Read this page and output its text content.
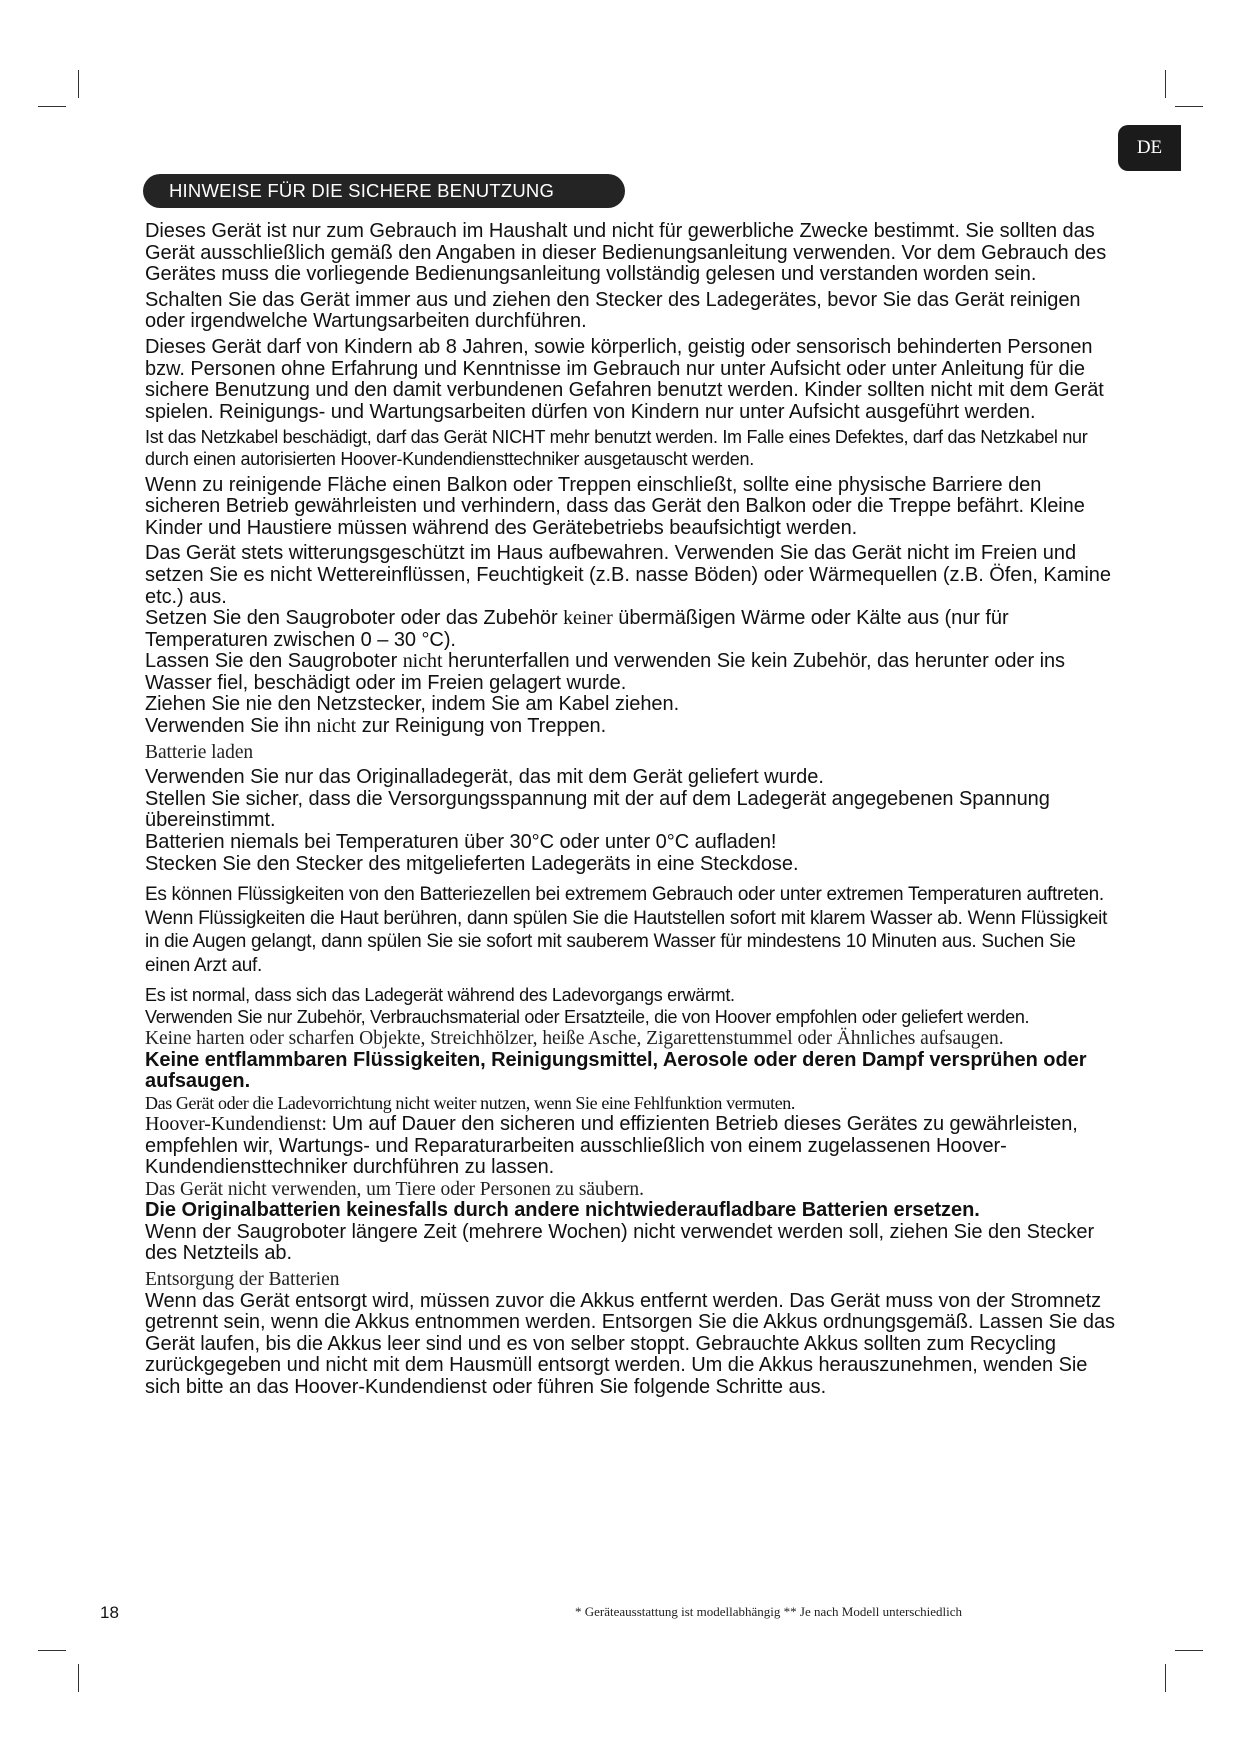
DE
HINWEISE FÜR DIE SICHERE BENUTZUNG

Dieses Gerät ist nur zum Gebrauch im Haushalt und nicht für gewerbliche Zwecke bestimmt. Sie sollten das Gerät ausschließlich gemäß den Angaben in dieser Bedienungsanleitung verwenden. Vor dem Gebrauch des Gerätes muss die vorliegende Bedienungsanleitung vollständig gelesen und verstanden worden sein.

Schalten Sie das Gerät immer aus und ziehen den Stecker des Ladegerätes, bevor Sie das Gerät reinigen oder irgendwelche Wartungsarbeiten durchführen.

Dieses Gerät darf von Kindern ab 8 Jahren, sowie körperlich, geistig oder sensorisch behinderten Personen bzw. Personen ohne Erfahrung und Kenntnisse im Gebrauch nur unter Aufsicht oder unter Anleitung für die sichere Benutzung und den damit verbundenen Gefahren benutzt werden. Kinder sollten nicht mit dem Gerät spielen. Reinigungs- und Wartungsarbeiten dürfen von Kindern nur unter Aufsicht ausgeführt werden.

Ist das Netzkabel beschädigt, darf das Gerät NICHT mehr benutzt werden. Im Falle eines Defektes, darf das Netzkabel nur durch einen autorisierten Hoover-Kundendiensttechniker ausgetauscht werden.

Wenn zu reinigende Fläche einen Balkon oder Treppen einschließt, sollte eine physische Barriere den sicheren Betrieb gewährleisten und verhindern, dass das Gerät den Balkon oder die Treppe befährt. Kleine Kinder und Haustiere müssen während des Gerätebetriebs beaufsichtigt werden.

Das Gerät stets witterungsgeschützt im Haus aufbewahren. Verwenden Sie das Gerät nicht im Freien und setzen Sie es nicht Wettereinflüssen, Feuchtigkeit (z.B. nasse Böden) oder Wärmequellen (z.B. Öfen, Kamine etc.) aus.

Setzen Sie den Saugroboter oder das Zubehör keiner übermäßigen Wärme oder Kälte aus (nur für Temperaturen zwischen 0 – 30 °C).

Lassen Sie den Saugroboter nicht herunterfallen und verwenden Sie kein Zubehör, das herunter oder ins Wasser fiel, beschädigt oder im Freien gelagert wurde.

Ziehen Sie nie den Netzstecker, indem Sie am Kabel ziehen.

Verwenden Sie ihn nicht zur Reinigung von Treppen.

Batterie laden

Verwenden Sie nur das Originalladegerät, das mit dem Gerät geliefert wurde.

Stellen Sie sicher, dass die Versorgungsspannung mit der auf dem Ladegerät angegebenen Spannung übereinstimmt.

Batterien niemals bei Temperaturen über 30°C oder unter 0°C aufladen!

Stecken Sie den Stecker des mitgelieferten Ladegeräts in eine Steckdose.

Es können Flüssigkeiten von den Batteriezellen bei extremem Gebrauch oder unter extremen Temperaturen auftreten. Wenn Flüssigkeiten die Haut berühren, dann spülen Sie die Hautstellen sofort mit klarem Wasser ab. Wenn Flüssigkeit in die Augen gelangt, dann spülen Sie sie sofort mit sauberem Wasser für mindestens 10 Minuten aus. Suchen Sie einen Arzt auf.

Es ist normal, dass sich das Ladegerät während des Ladevorgangs erwärmt.

Verwenden Sie nur Zubehör, Verbrauchsmaterial oder Ersatzteile, die von Hoover empfohlen oder geliefert werden.

Keine harten oder scharfen Objekte, Streichhölzer, heiße Asche, Zigarettenstummel oder Ähnliches aufsaugen.

Keine entflammbaren Flüssigkeiten, Reinigungsmittel, Aerosole oder deren Dampf versprühen oder aufsaugen.

Das Gerät oder die Ladevorrichtung nicht weiter nutzen, wenn Sie eine Fehlfunktion vermuten.

Hoover-Kundendienst: Um auf Dauer den sicheren und effizienten Betrieb dieses Gerätes zu gewährleisten, empfehlen wir, Wartungs- und Reparaturarbeiten ausschließlich von einem zugelassenen Hoover-Kundendiensttechniker durchführen zu lassen.

Das Gerät nicht verwenden, um Tiere oder Personen zu säubern.

Die Originalbatterien keinesfalls durch andere nichtwiederaufladbare Batterien ersetzen.

Wenn der Saugroboter längere Zeit (mehrere Wochen) nicht verwendet werden soll, ziehen Sie den Stecker des Netzteils ab.

Entsorgung der Batterien

Wenn das Gerät entsorgt wird, müssen zuvor die Akkus entfernt werden. Das Gerät muss von der Stromnetz getrennt sein, wenn die Akkus entnommen werden. Entsorgen Sie die Akkus ordnungsgemäß. Lassen Sie das Gerät laufen, bis die Akkus leer sind und es von selber stoppt. Gebrauchte Akkus sollten zum Recycling zurückgegeben und nicht mit dem Hausmüll entsorgt werden. Um die Akkus herauszunehmen, wenden Sie sich bitte an das Hoover-Kundendienst oder führen Sie folgende Schritte aus.

18	* Geräteausstattung ist modellabhängig ** Je nach Modell unterschiedlich
